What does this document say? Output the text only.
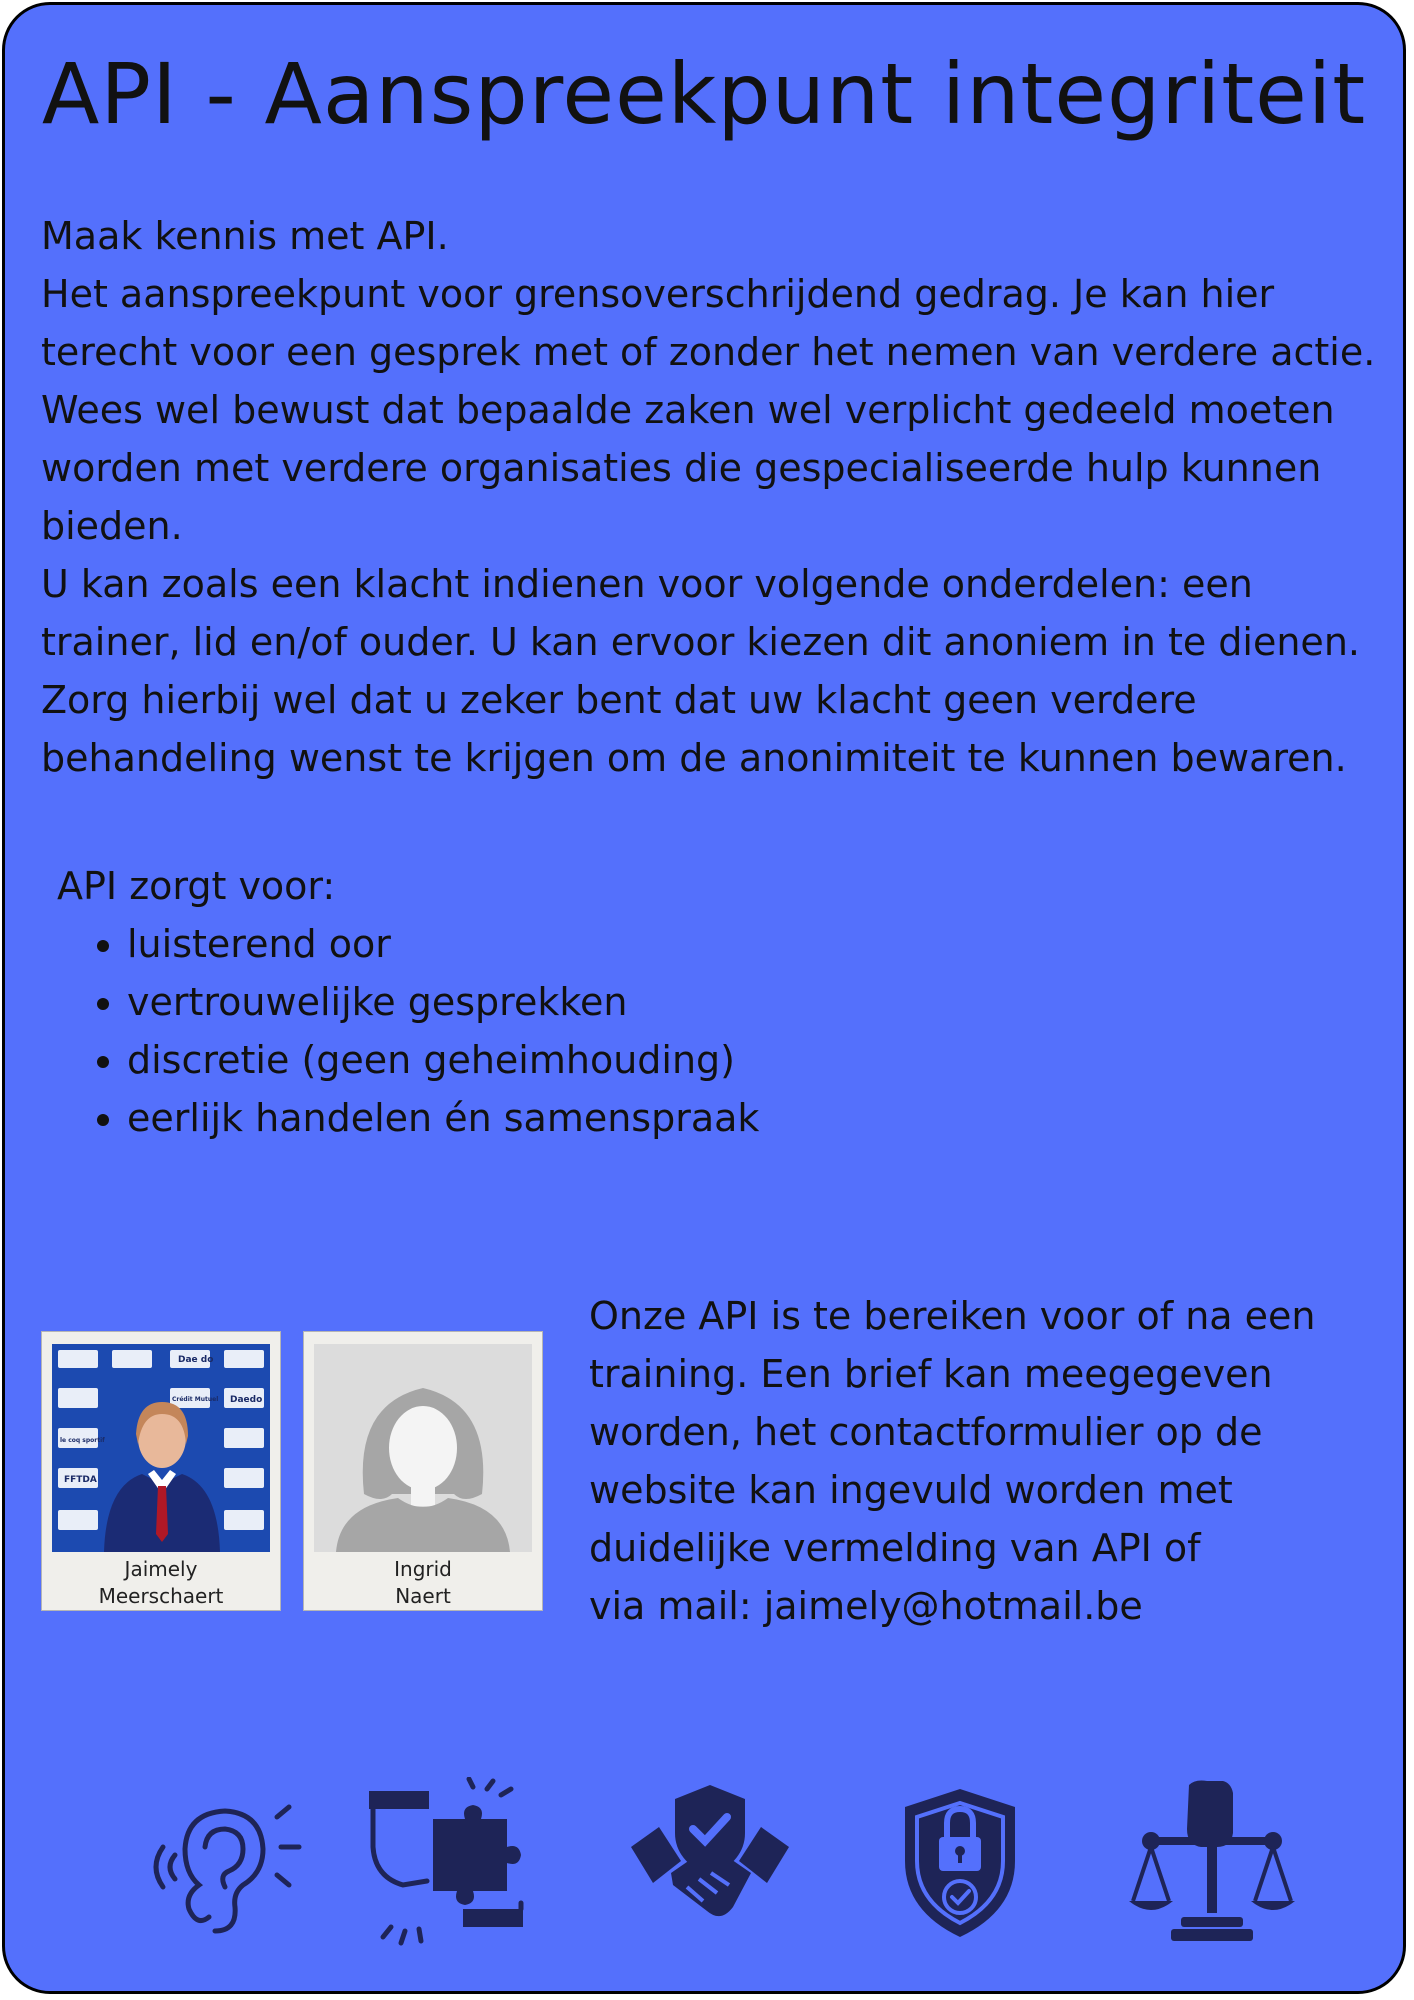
API - Aanspreekpunt integriteit

Maak kennis met API.

Het aanspreekpunt voor grensoverschrijdend gedrag. Je kan hier terecht voor een gesprek met of zonder het nemen van verdere actie. Wees wel bewust dat bepaalde zaken wel verplicht gedeeld moeten worden met verdere organisaties die gespecialiseerde hulp kunnen bieden.

U kan zoals een klacht indienen voor volgende onderdelen: een trainer, lid en/of ouder. U kan ervoor kiezen dit anoniem in te dienen. Zorg hierbij wel dat u zeker bent dat uw klacht geen verdere behandeling wenst te krijgen om de anonimiteit te kunnen bewaren.

API zorgt voor:
• luisterend oor
• vertrouwelijke gesprekken
• discretie (geen geheimhouding)
• eerlijk handelen én samenspraak
Dae do
Daedo
Crédit Mutuel
le coq sportif
FFTDA
Jaimely
Meerschaert
Ingrid
Naert

Onze API is te bereiken voor of na een training. Een brief kan meegegeven worden, het contactformulier op de website kan ingevuld worden met duidelijke vermelding van API of

via mail: jaimely@hotmail.be
